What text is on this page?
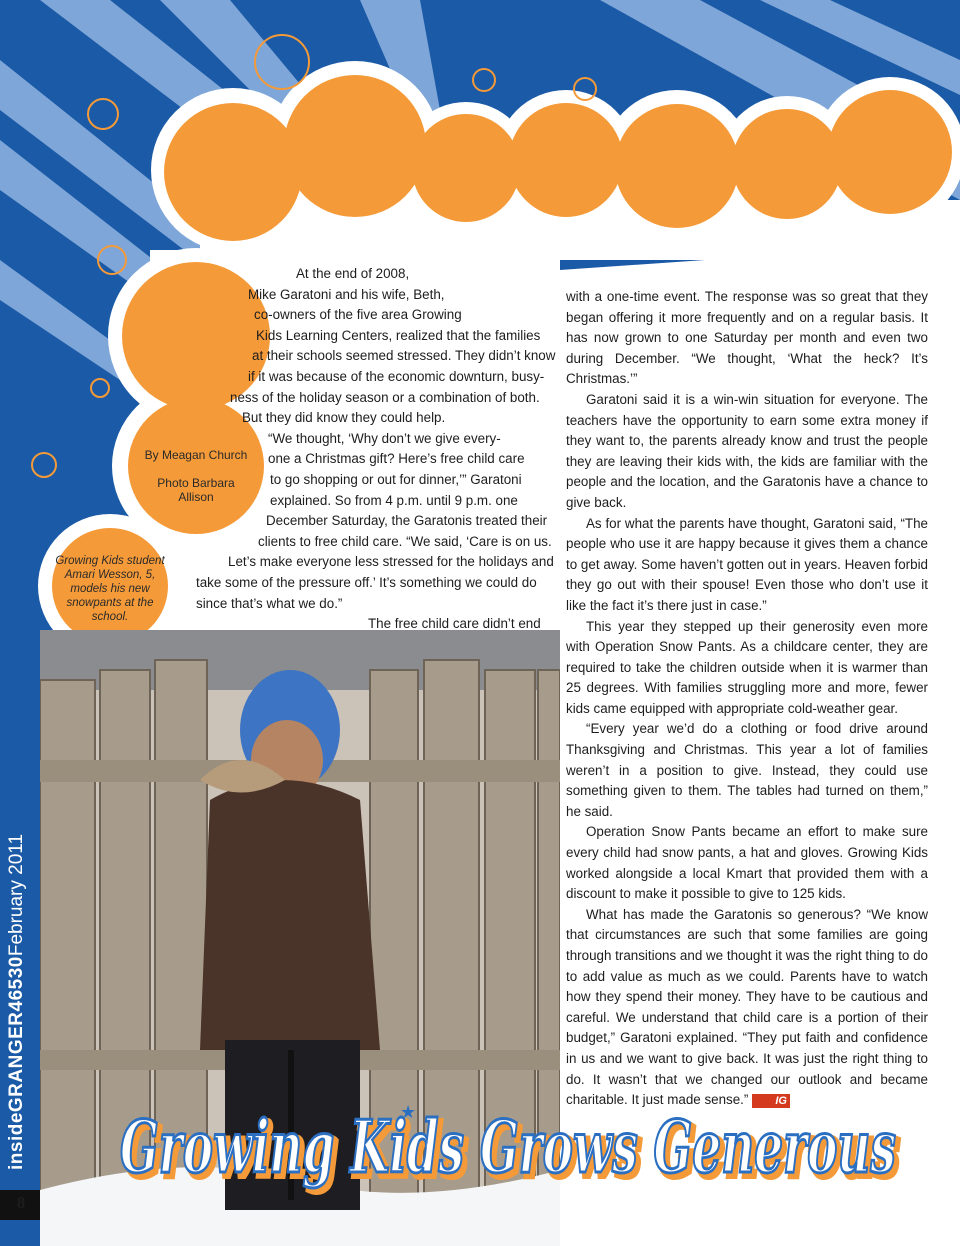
By Meagan Church

Photo Barbara Allison

Growing Kids student Amari Wesson, 5, models his new snowpants at the school.
At the end of 2008,
Mike Garatoni and his wife, Beth,
co-owners of the five area Growing
Kids Learning Centers, realized that the families
at their schools seemed stressed. They didn’t know
if it was because of the economic downturn, busy-
ness of the holiday season or a combination of both.
But they did know they could help.
“We thought, ‘Why don’t we give every-
one a Christmas gift? Here’s free child care
to go shopping or out for dinner,’” Garatoni
explained. So from 4 p.m. until 9 p.m. one
December Saturday, the Garatonis treated their
clients to free child care. “We said, ‘Care is on us.
Let’s make everyone less stressed for the holidays and
take some of the pressure off.’ It’s something we could do
since that’s what we do.”
The free child care didn’t end

with a one-time event. The response was so great that they began offering it more frequently and on a regular basis. It has now grown to one Saturday per month and even two during December. “We thought, ‘What the heck? It’s Christmas.’”

Garatoni said it is a win-win situation for everyone. The teachers have the opportunity to earn some extra money if they want to, the parents already know and trust the people they are leaving their kids with, the kids are familiar with the people and the location, and the Garatonis have a chance to give back.

As for what the parents have thought, Garatoni said, “The people who use it are happy because it gives them a chance to get away. Some haven’t gotten out in years. Heaven forbid they go out with their spouse! Even those who don’t use it like the fact it’s there just in case.”

This year they stepped up their generosity even more with Operation Snow Pants. As a childcare center, they are required to take the children outside when it is warmer than 25 degrees. With families struggling more and more, fewer kids came equipped with appropriate cold-weather gear.

“Every year we’d do a clothing or food drive around Thanksgiving and Christmas. This year a lot of families weren’t in a position to give. Instead, they could use something given to them. The tables had turned on them,” he said.

Operation Snow Pants became an effort to make sure every child had snow pants, a hat and gloves. Growing Kids worked alongside a local Kmart that provided them with a discount to make it possible to give to 125 kids.

What has made the Garatonis so generous? “We know that circumstances are such that some families are going through transitions and we thought it was the right thing to do to add value as much as we could. Parents have to watch how they spend their money. They have to be cautious and careful. We understand that child care is a portion of their budget,” Garatoni explained. “They put faith and confidence in us and we want to give back. It was just the right thing to do. It wasn’t that we changed our outlook and became charitable. It just made sense.” IG

Growing Kids Grows Generous
Growing Kids Grows Generous
★
insideGRANGER46530February 2011
8
